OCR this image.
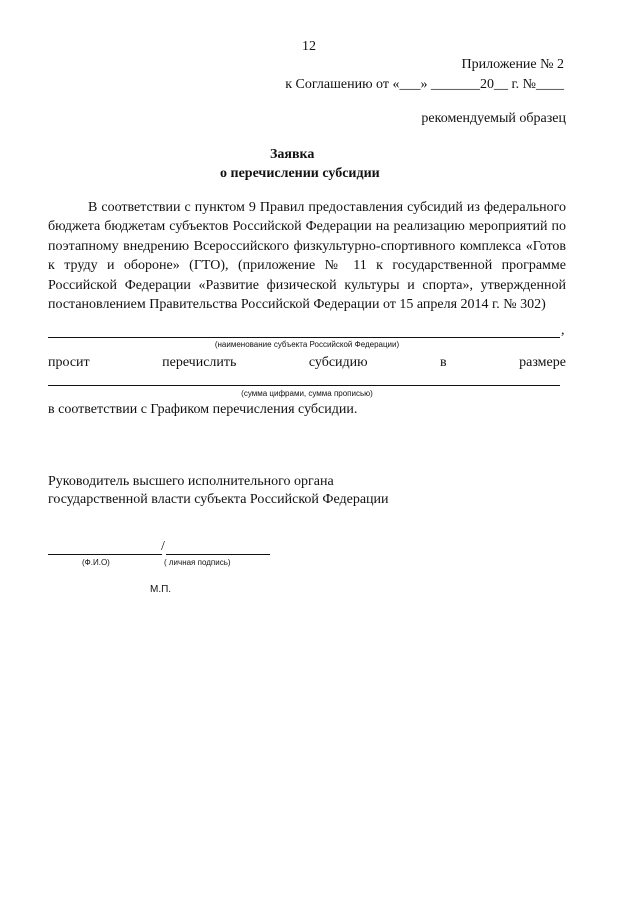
12
Приложение № 2
к Соглашению от «___» _______20__ г. №____
рекомендуемый образец
Заявка
о перечислении субсидии
В соответствии с пунктом 9 Правил предоставления субсидий из федерального бюджета бюджетам субъектов Российской Федерации на реализацию мероприятий по поэтапному внедрению Всероссийского физкультурно-спортивного комплекса «Готов к труду и обороне» (ГТО), (приложение № 11 к государственной программе Российской Федерации «Развитие физической культуры и спорта», утвержденной постановлением Правительства Российской Федерации от 15 апреля 2014 г. № 302)
,
(наименование субъекта Российской Федерации)
просит	перечислить	субсидию	в	размере
(сумма цифрами, сумма прописью)
в соответствии с Графиком перечисления субсидии.
Руководитель высшего исполнительного органа
государственной власти субъекта Российской Федерации
/
(Ф.И.О)	( личная подпись)
М.П.
